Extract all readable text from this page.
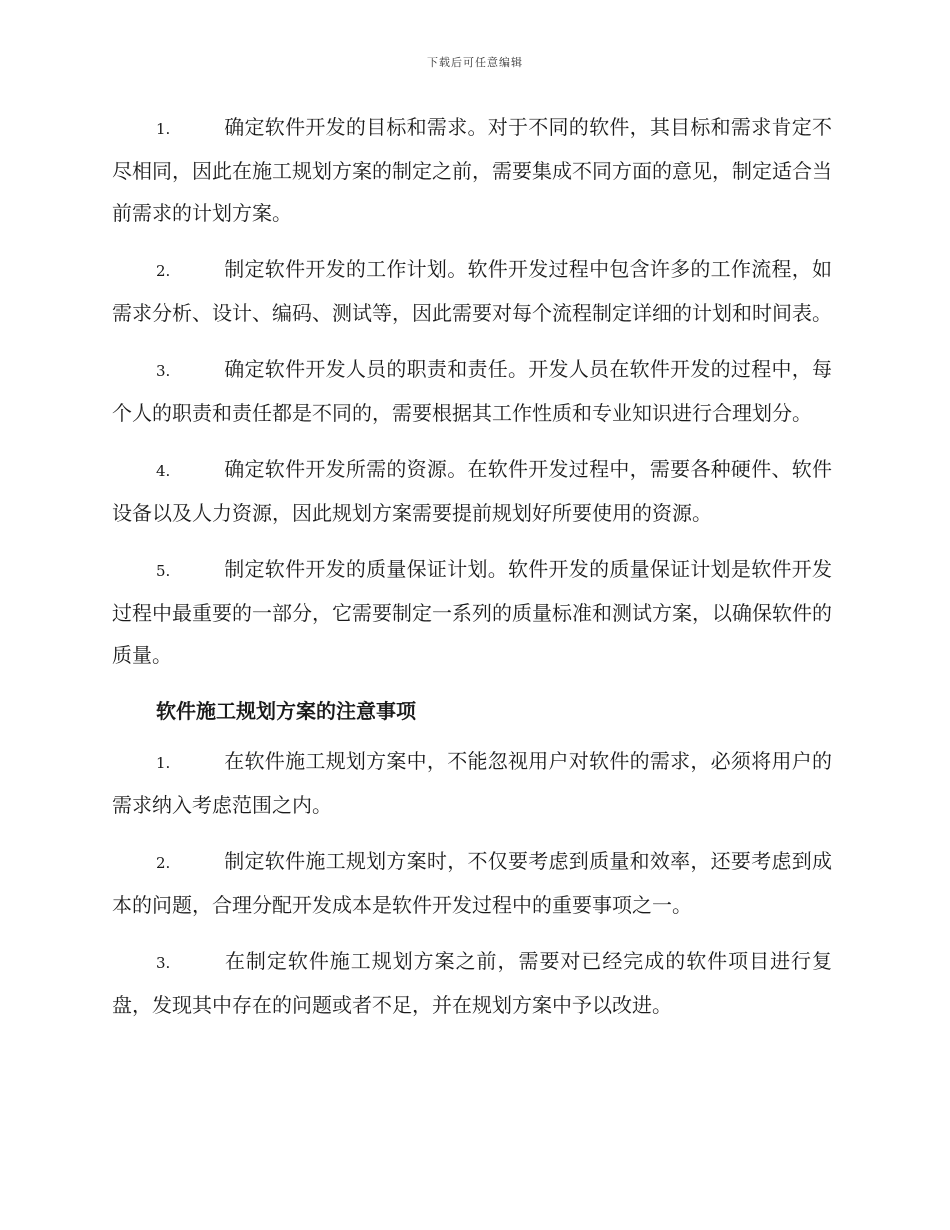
下载后可任意编辑

1.	确定软件开发的目标和需求。对于不同的软件，其目标和需求肯定不尽相同，因此在施工规划方案的制定之前，需要集成不同方面的意见，制定适合当前需求的计划方案。

2.	制定软件开发的工作计划。软件开发过程中包含许多的工作流程，如需求分析、设计、编码、测试等，因此需要对每个流程制定详细的计划和时间表。

3.	确定软件开发人员的职责和责任。开发人员在软件开发的过程中，每个人的职责和责任都是不同的，需要根据其工作性质和专业知识进行合理划分。

4.	确定软件开发所需的资源。在软件开发过程中，需要各种硬件、软件设备以及人力资源，因此规划方案需要提前规划好所要使用的资源。

5.	制定软件开发的质量保证计划。软件开发的质量保证计划是软件开发过程中最重要的一部分，它需要制定一系列的质量标准和测试方案，以确保软件的质量。

软件施工规划方案的注意事项

1.	在软件施工规划方案中，不能忽视用户对软件的需求，必须将用户的需求纳入考虑范围之内。

2.	制定软件施工规划方案时，不仅要考虑到质量和效率，还要考虑到成本的问题，合理分配开发成本是软件开发过程中的重要事项之一。

3.	在制定软件施工规划方案之前，需要对已经完成的软件项目进行复盘，发现其中存在的问题或者不足，并在规划方案中予以改进。
